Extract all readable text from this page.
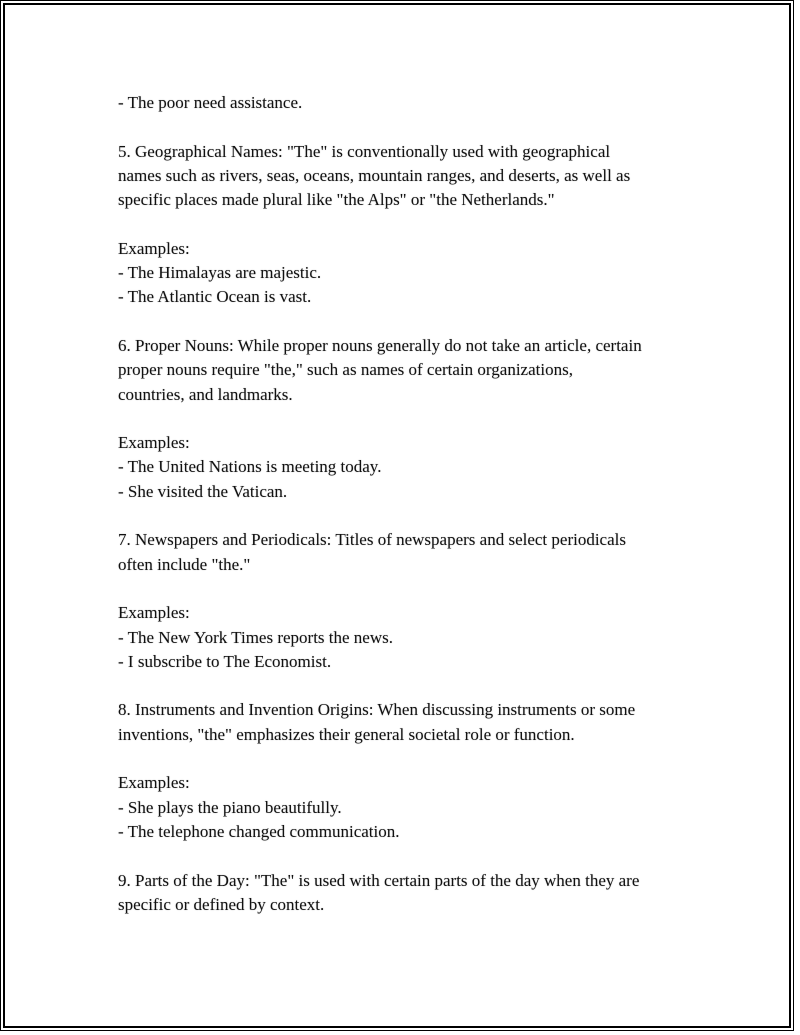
- The poor need assistance.
5. Geographical Names: "The" is conventionally used with geographical
names such as rivers, seas, oceans, mountain ranges, and deserts, as well as
specific places made plural like "the Alps" or "the Netherlands."
Examples:
- The Himalayas are majestic.
- The Atlantic Ocean is vast.
6. Proper Nouns: While proper nouns generally do not take an article, certain
proper nouns require "the," such as names of certain organizations,
countries, and landmarks.
Examples:
- The United Nations is meeting today.
- She visited the Vatican.
7. Newspapers and Periodicals: Titles of newspapers and select periodicals
often include "the."
Examples:
- The New York Times reports the news.
- I subscribe to The Economist.
8. Instruments and Invention Origins: When discussing instruments or some
inventions, "the" emphasizes their general societal role or function.
Examples:
- She plays the piano beautifully.
- The telephone changed communication.
9. Parts of the Day: "The" is used with certain parts of the day when they are
specific or defined by context.
